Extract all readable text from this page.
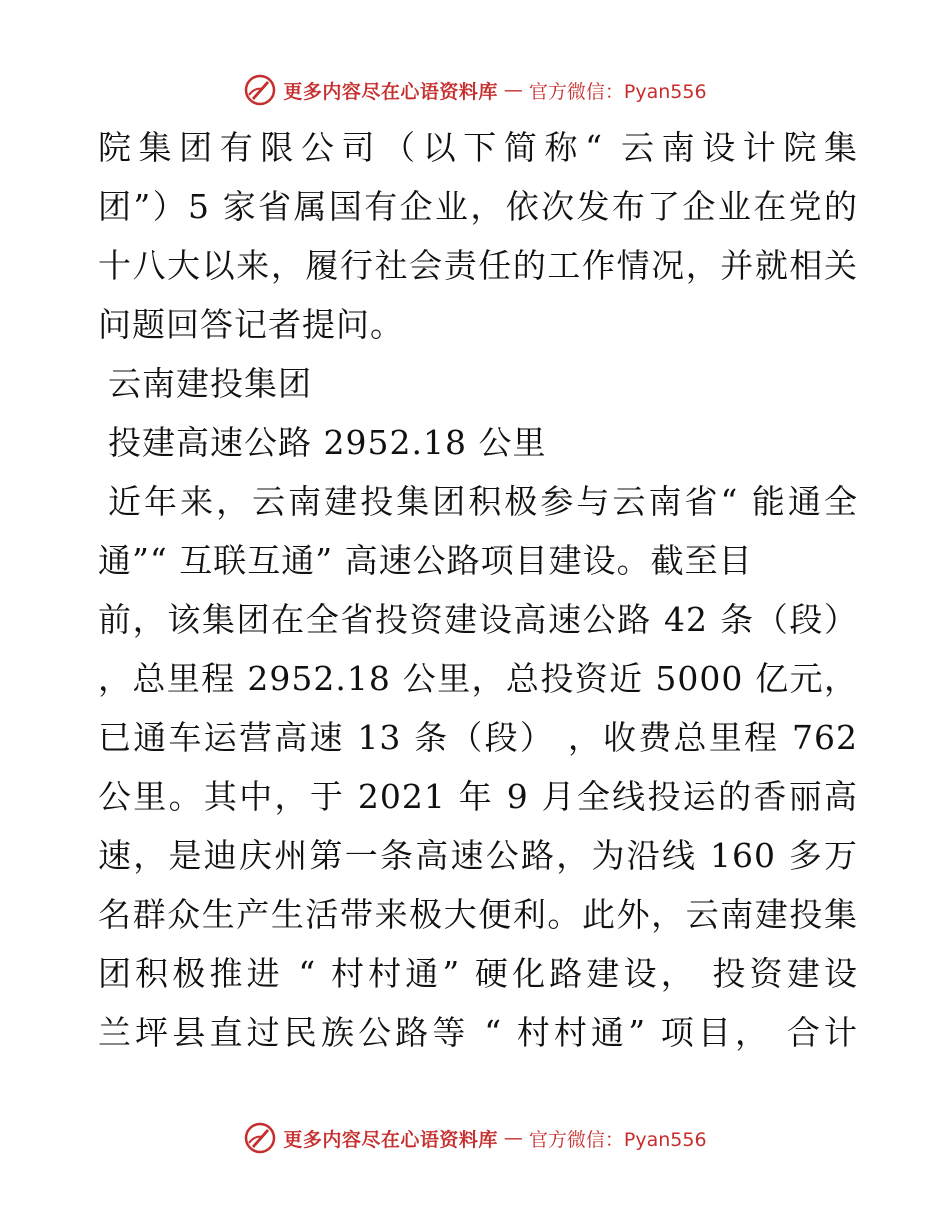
更多内容尽在心语资料库 — 官方微信：Pyan556
院集团有限公司（以下简称“ 云南设计院集
团”）5 家省属国有企业，依次发布了企业在党的
十八大以来，履行社会责任的工作情况，并就相关
问题回答记者提问。
云南建投集团
投建高速公路 2952.18 公里
近年来，云南建投集团积极参与云南省“ 能通全
通”“ 互联互通” 高速公路项目建设。截至目
前，该集团在全省投资建设高速公路 42 条（段）
，总里程 2952.18 公里，总投资近 5000 亿元，
已通车运营高速 13 条（段） ，收费总里程 762
公里。其中，于 2021 年 9 月全线投运的香丽高
速，是迪庆州第一条高速公路，为沿线 160 多万
名群众生产生活带来极大便利。此外，云南建投集
团积极推进 “ 村村通” 硬化路建设， 投资建设
兰坪县直过民族公路等 “ 村村通” 项目， 合计
更多内容尽在心语资料库 — 官方微信：Pyan556
